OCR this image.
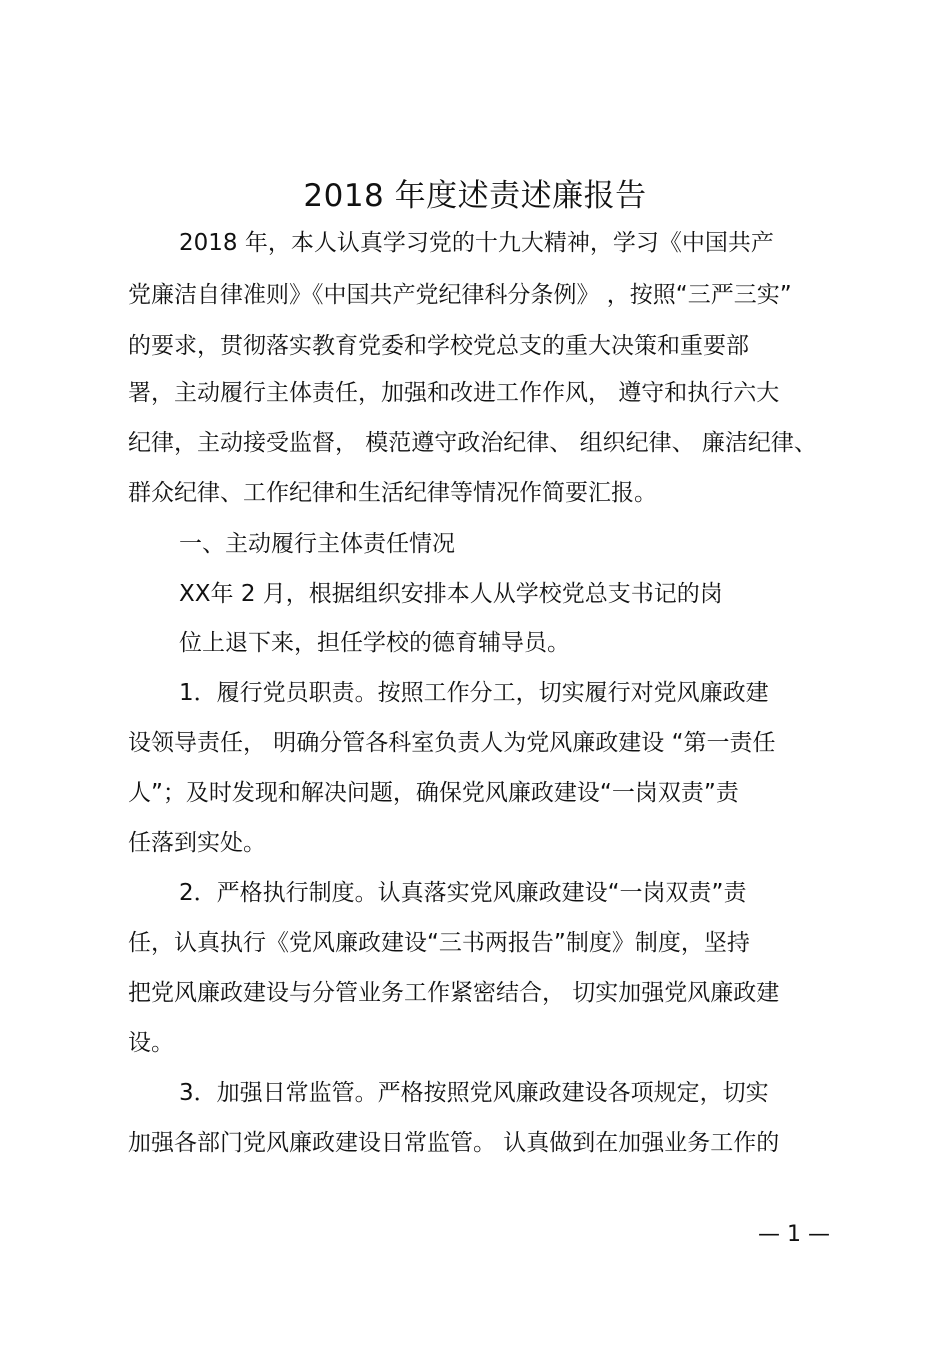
2018 年度述责述廉报告
2018 年，本人认真学习党的十九大精神，学习《中国共产
党廉洁自律准则》《中国共产党纪律科分条例》 ，按照“三严三实”
的要求，贯彻落实教育党委和学校党总支的重大决策和重要部
署，主动履行主体责任，加强和改进工作作风， 遵守和执行六大
纪律，主动接受监督， 模范遵守政治纪律、 组织纪律、 廉洁纪律、
群众纪律、工作纪律和生活纪律等情况作简要汇报。
一、主动履行主体责任情况
XX年 2 月，根据组织安排本人从学校党总支书记的岗
位上退下来，担任学校的德育辅导员。
1．履行党员职责。按照工作分工，切实履行对党风廉政建
设领导责任， 明确分管各科室负责人为党风廉政建设 “第一责任
人”；及时发现和解决问题，确保党风廉政建设“一岗双责”责
任落到实处。
2．严格执行制度。认真落实党风廉政建设“一岗双责”责
任，认真执行《党风廉政建设“三书两报告”制度》制度，坚持
把党风廉政建设与分管业务工作紧密结合， 切实加强党风廉政建
设。
3．加强日常监管。严格按照党风廉政建设各项规定，切实
加强各部门党风廉政建设日常监管。 认真做到在加强业务工作的
— 1 —
